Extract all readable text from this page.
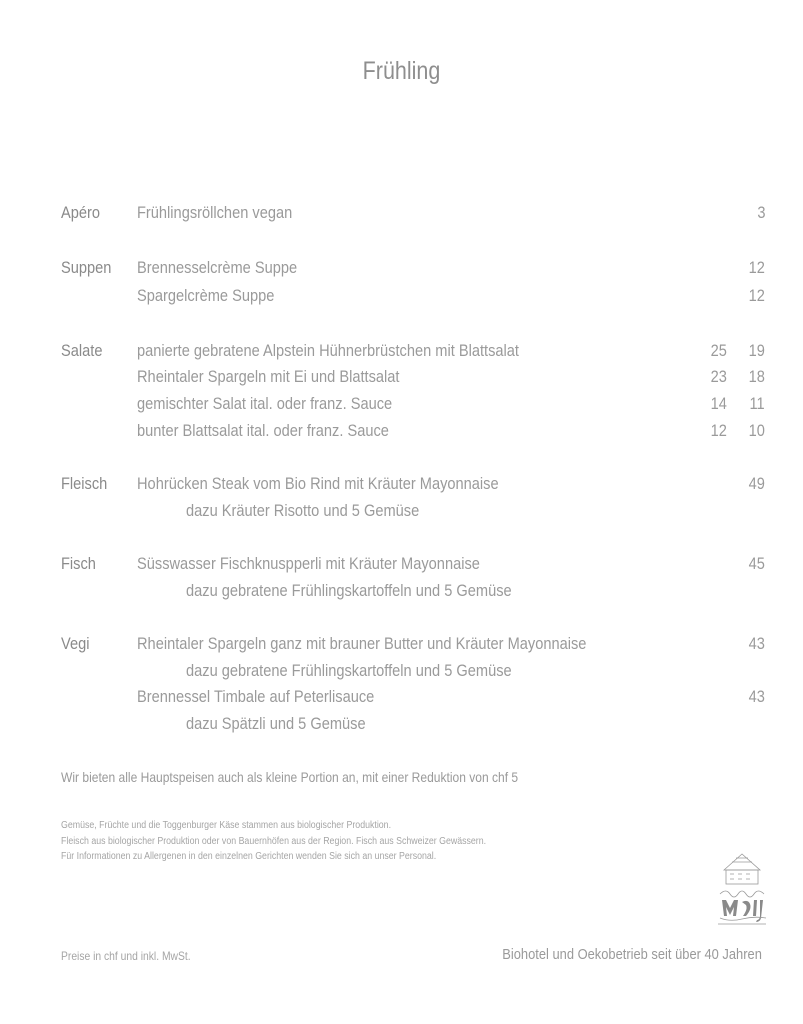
Frühling
Apéro Frühlingsröllchen vegan	3
Suppen Brennesselcrème Suppe	12
Spargelcrème Suppe	12
Salate panierte gebratene Alpstein Hühnerbrüstchen mit Blattsalat	25 19
Rheintaler Spargeln mit Ei und Blattsalat	23 18
gemischter Salat ital. oder franz. Sauce	14 11
bunter Blattsalat ital. oder franz. Sauce	12 10
Fleisch Hohrücken Steak vom Bio Rind mit Kräuter Mayonnaise	49
dazu Kräuter Risotto und 5 Gemüse
Fisch Süsswasser Fischknuspperli mit Kräuter Mayonnaise	45
dazu gebratene Frühlingskartoffeln und 5 Gemüse
Vegi	Rheintaler Spargeln ganz mit brauner Butter und Kräuter Mayonnaise	43
dazu gebratene Frühlingskartoffeln und 5 Gemüse
Brennessel Timbale auf Peterlisauce	43
dazu Spätzli und 5 Gemüse
Wir bieten alle Hauptspeisen auch als kleine Portion an, mit einer Reduktion von chf 5
Gemüse, Früchte und die Toggenburger Käse stammen aus biologischer Produktion.
Fleisch aus biologischer Produktion oder von Bauernhöfen aus der Region. Fisch aus Schweizer Gewässern.
Für Informationen zu Allergenen in den einzelnen Gerichten wenden Sie sich an unser Personal.
Preise in chf und inkl. MwSt.	Biohotel und Oekobetrieb seit über 40 Jahren
